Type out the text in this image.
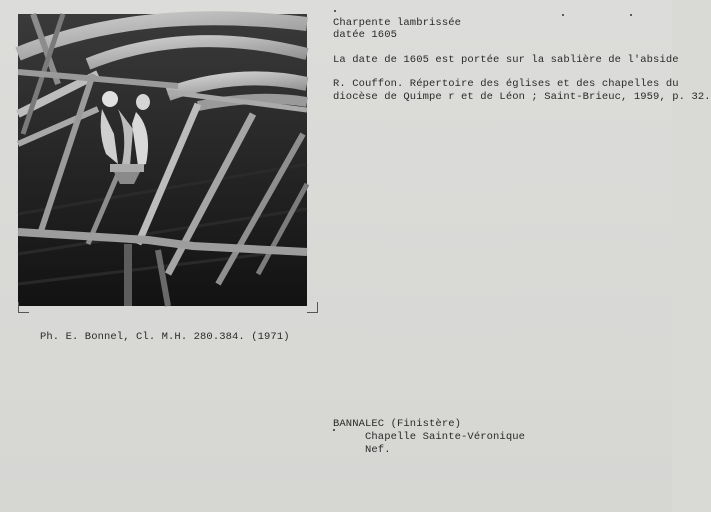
Charpente lambrissée
datée 1605
La date de 1605 est portée sur la sablière de l'abside
R. Couffon. Répertoire des églises et des chapelles du
diocèse de Quimpe r et de Léon ; Saint-Brieuc, 1959, p. 32.
Ph. E. Bonnel, Cl. M.H. 280.384. (1971)
BANNALEC (Finistère)
Chapelle Sainte-Véronique
Nef.
